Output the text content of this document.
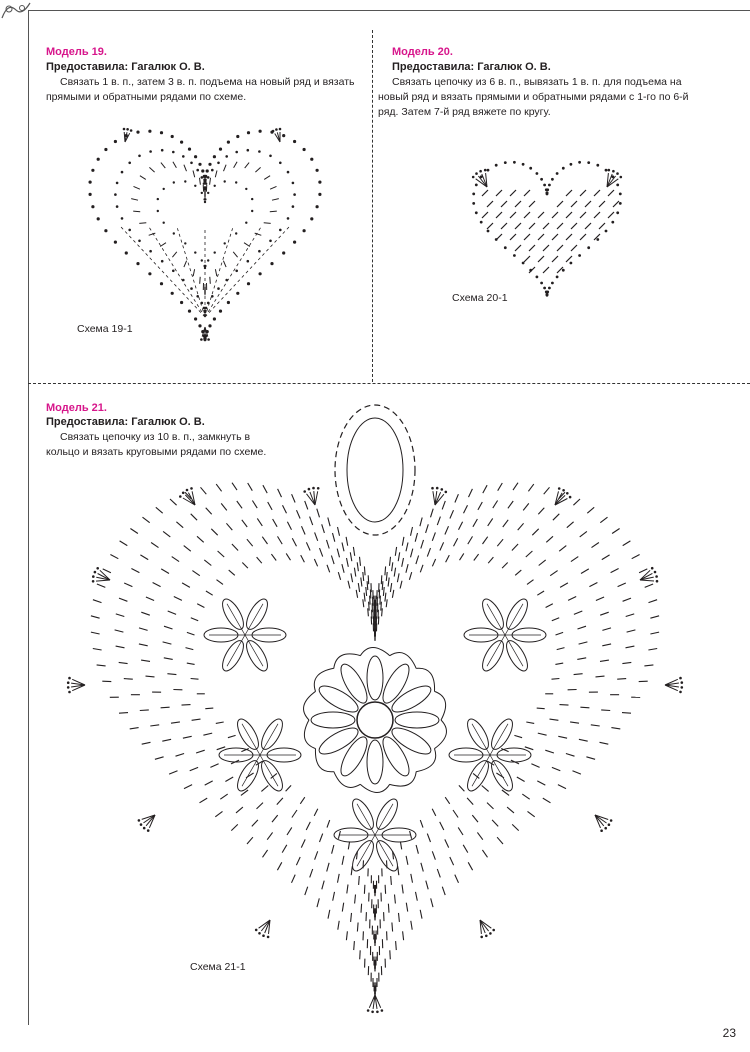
Модель 19.
Предоставила: Гагалюк О. В.
Связать 1 в. п., затем 3 в. п. подъема на новый ряд и вязать прямыми и обратными рядами по схеме.
Схема 19-1
Модель 20.
Предоставила: Гагалюк О. В.
Связать цепочку из 6 в. п., вывязать 1 в. п. для подъема на новый ряд и вязать прямыми и обратными рядами с 1-го по 6-й ряд. Затем 7-й ряд вяжете по кругу.
Схема 20-1
Модель 21.
Предоставила: Гагалюк О. В.
Связать цепочку из 10 в. п., замкнуть в кольцо и вязать круговыми рядами по схеме.
Схема 21-1
23
